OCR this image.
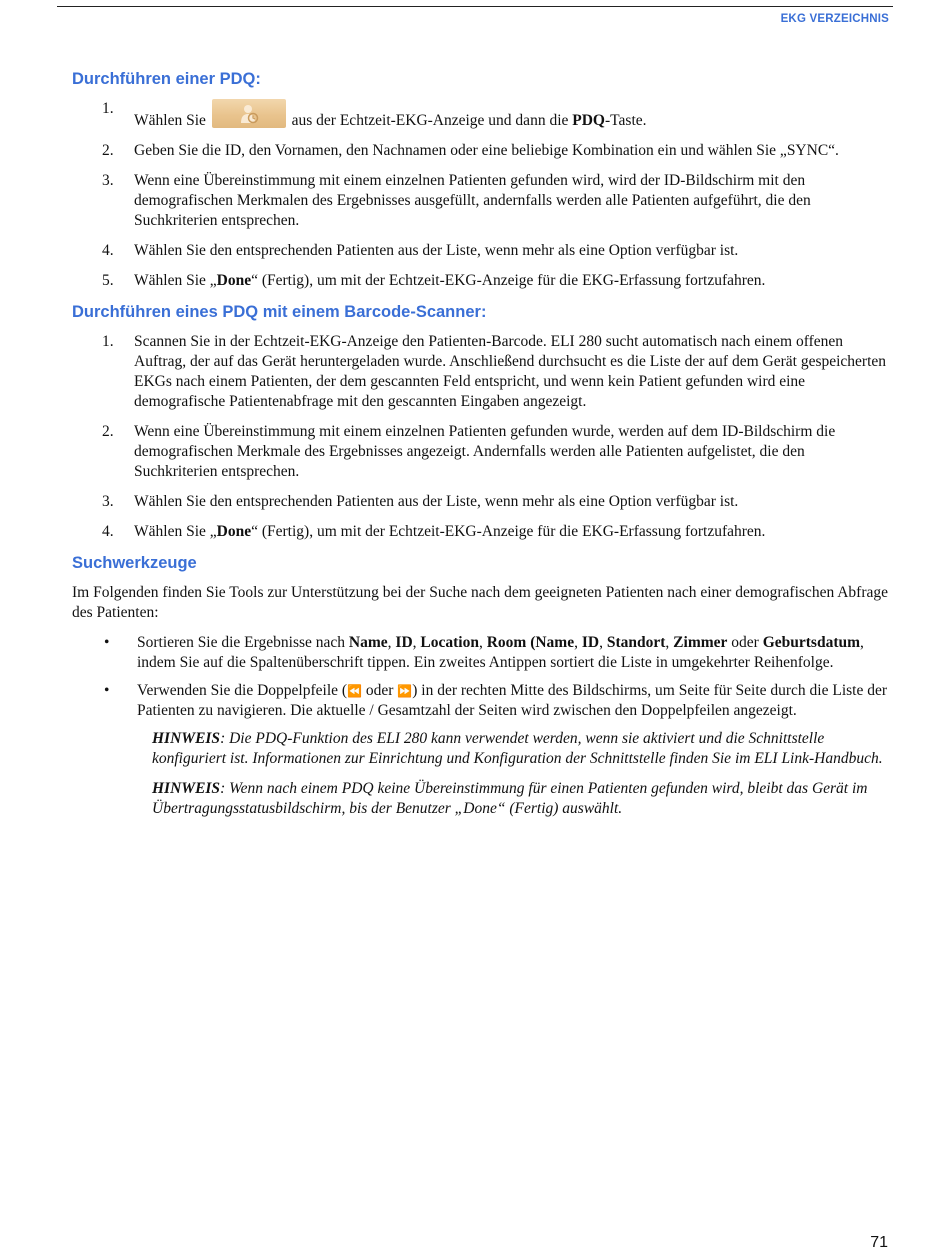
EKG VERZEICHNIS
Durchführen einer PDQ:
1.
Wählen Sie	aus der Echtzeit-EKG-Anzeige und dann die PDQ-Taste.
2. Geben Sie die ID, den Vornamen, den Nachnamen oder eine beliebige Kombination ein und wählen Sie „SYNC“.
3. Wenn eine Übereinstimmung mit einem einzelnen Patienten gefunden wird, wird der ID-Bildschirm mit den demografischen Merkmalen des Ergebnisses ausgefüllt, andernfalls werden alle Patienten aufgeführt, die den Suchkriterien entsprechen.
4. Wählen Sie den entsprechenden Patienten aus der Liste, wenn mehr als eine Option verfügbar ist.
5. Wählen Sie „Done“ (Fertig), um mit der Echtzeit-EKG-Anzeige für die EKG-Erfassung fortzufahren.
Durchführen eines PDQ mit einem Barcode-Scanner:
1. Scannen Sie in der Echtzeit-EKG-Anzeige den Patienten-Barcode. ELI 280 sucht automatisch nach einem offenen Auftrag, der auf das Gerät heruntergeladen wurde. Anschließend durchsucht es die Liste der auf dem Gerät gespeicherten EKGs nach einem Patienten, der dem gescannten Feld entspricht, und wenn kein Patient gefunden wird eine demografische Patientenabfrage mit den gescannten Eingaben angezeigt.
2. Wenn eine Übereinstimmung mit einem einzelnen Patienten gefunden wurde, werden auf dem ID-Bildschirm die demografischen Merkmale des Ergebnisses angezeigt. Andernfalls werden alle Patienten aufgelistet, die den Suchkriterien entsprechen.
3. Wählen Sie den entsprechenden Patienten aus der Liste, wenn mehr als eine Option verfügbar ist.
4. Wählen Sie „Done“ (Fertig), um mit der Echtzeit-EKG-Anzeige für die EKG-Erfassung fortzufahren.
Suchwerkzeuge

Im Folgenden finden Sie Tools zur Unterstützung bei der Suche nach dem geeigneten Patienten nach einer demografischen Abfrage des Patienten:

• Sortieren Sie die Ergebnisse nach Name, ID, Location, Room (Name, ID, Standort, Zimmer oder Geburtsdatum, indem Sie auf die Spaltenüberschrift tippen. Ein zweites Antippen sortiert die Liste in umgekehrter Reihenfolge.
• Verwenden Sie die Doppelpfeile (⏪ oder ⏩) in der rechten Mitte des Bildschirms, um Seite für Seite durch die Liste der Patienten zu navigieren. Die aktuelle / Gesamtzahl der Seiten wird zwischen den Doppelpfeilen angezeigt.

HINWEIS: Die PDQ-Funktion des ELI 280 kann verwendet werden, wenn sie aktiviert und die Schnittstelle konfiguriert ist. Informationen zur Einrichtung und Konfiguration der Schnittstelle finden Sie im ELI Link-Handbuch.

HINWEIS: Wenn nach einem PDQ keine Übereinstimmung für einen Patienten gefunden wird, bleibt das Gerät im Übertragungsstatusbildschirm, bis der Benutzer „Done“ (Fertig) auswählt.

71
